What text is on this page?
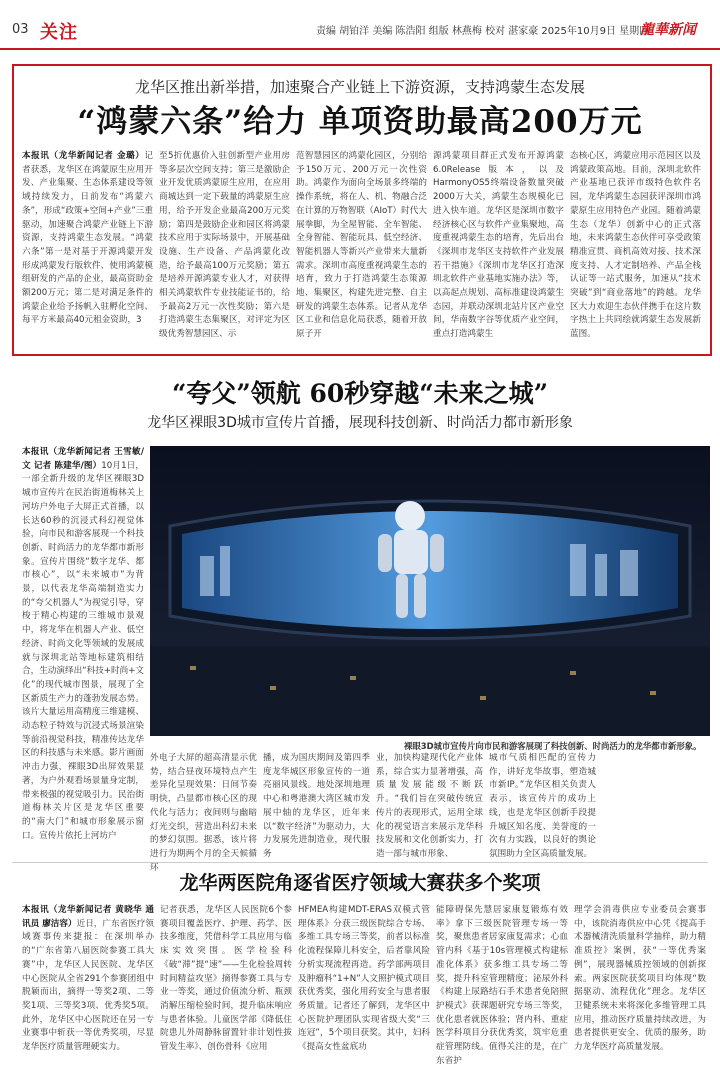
03 关注	责编 胡铂洋 美编 陈浩阳 组版 林燕梅 校对 湛家豪 2025年10月9日 星期四
龍華新闻
龙华区推出新举措，加速聚合产业链上下游资源，支持鸿蒙生态发展
“鸿蒙六条”给力 单项资助最高200万元
本报讯（龙华新闻记者 金璐）记者获悉，龙华区在鸿蒙原生应用开发、产业集聚、生态体系建设等领域持续发力，日前发布“鸿蒙六条”，形成“政策+空间+产业”三重驱动，加速聚合鸿蒙产业链上下游资源，支持鸿蒙生态发展。“鸿蒙六条”第一是对基于开源鸿蒙开发形成鸿蒙发行版软件、使用鸿蒙模组研发的产品的企业，最高资助金额200万元；第二是对满足条件的鸿蒙企业给予扬帆入驻孵化空间、每平方米最高40元租金资助，3
至5折优惠价入驻创新型产业用房等多层次空间支持；第三是激励企业开发优质鸿蒙原生应用，在应用商城达到一定下载量的鸿蒙原生应用，给予开发企业最高200万元奖励；第四是鼓励企业和园区将鸿蒙技术应用于实际场景中，开展基础设施、生产设备、产品鸿蒙化改造，给予最高100万元奖励；第五是培养开源鸿蒙专业人才，对获得相关鸿蒙软件专业技能证书的，给予最高2万元一次性奖励；第六是打造鸿蒙生态集聚区，对评定为区级优秀智慧园区、示
范智慧园区的鸿蒙化园区，分别给予150万元、200万元一次性资助。鸿蒙作为面向全场景多终端的操作系统，将在人、机、物融合泛在计算的万物智联（AIoT）时代大展拳脚，为全屋智能、全车智能、全身智能、智能玩具、低空经济、智能机器人等新兴产业带来大量新需求。深圳市高度重视鸿蒙生态的培育，致力于打造鸿蒙生态策源地、集聚区，构建先进完整、自主研发的鸿蒙生态体系。记者从龙华区工业和信息化局获悉，随着开放原子开
源鸿蒙项目群正式发布开源鸿蒙6.0Release版本，以及HarmonyOS5终端设备数量突破2000万大关，鸿蒙生态规模化已进入快车道。龙华区是深圳市数字经济核心区与软件产业集聚地，高度重视鸿蒙生态的培育，先后出台《深圳市龙华区支持软件产业发展若干措施》《深圳市龙华区打造深圳北软件产业基地实施办法》等，以高起点规划、高标准建设鸿蒙生态园，并联动深圳北站片区产业空间，华南数字谷等优质产业空间，重点打造鸿蒙生
态核心区，鸿蒙应用示范园区以及鸿蒙政策高地。目前，深圳北软件产业基地已获评市级特色软件名园，龙华鸿蒙生态园获评深圳市鸿蒙原生应用特色产业园。随着鸿蒙生态（龙华）创新中心的正式落地，未来鸿蒙生态伙伴可享受政策精准宣贯、商机高效对接、技术深度支持、人才定制培养、产品全栈认证等一站式服务，加速从“技术突破”到“商业落地”的跨越。龙华区大力欢迎生态伙伴携手在这片数字热土上共同绘就鸿蒙生态发展新蓝图。
“夸父”领航 60秒穿越“未来之城”
龙华区裸眼3D城市宣传片首播，展现科技创新、时尚活力都市新形象
本报讯（龙华新闻记者 王雪敏/文 记者 陈建华/图）10月1日，一部全新升级的龙华区裸眼3D城市宣传片在民治街道梅林关上河坊户外电子大屏正式首播，以长达60秒的沉浸式科幻视觉体验，向市民和游客展现一个科技创新、时尚活力的龙华都市新形象。宣传片围绕“数字龙华、都市核心”，以“未来城市”为背景，以代表龙华高端制造实力的“夸父机器人”为视觉引导，穿梭于精心构建的三维城市景观中，将龙华在机器人产业、低空经济、时尚文化等领域的发展成就与深圳北站等地标建筑相结合，生动演绎出“科技+时尚+文化”的现代城市图景，展现了全区新质生产力的蓬勃发展态势。该片大量运用高精度三维建模、动态粒子特效与沉浸式场景渲染等前沿视觉科技，精准传达龙华区的科技感与未来感。影片画面冲击力强，裸眼3D出屏效果显著，为户外观看场景量身定制，带来极强的视觉吸引力。民治街道梅林关片区是龙华区重要的“南大门”和城市形象展示窗口。宣传片依托上河坊户
裸眼3D城市宣传片向市民和游客展现了科技创新、时尚活力的龙华都市新形象。
外电子大屏的超高清显示优势，结合昼夜环境特点产生差异化呈现效果：日间节奏明快，凸显都市核心区的现代化与活力；夜间则与幽暗灯光交织，营造出科幻未来的梦幻氛围。据悉，该片将进行为期两个月的全天候循环
播，成为国庆期间及第四季度龙华城区形象宣传的一道亮丽风景线。地处深圳地理中心和粤港澳大湾区城市发展中轴的龙华区，近年来以“数字经济”为驱动力，大力发展先进制造业，现代服务
业，加快构建现代化产业体系，综合实力显著增强，高质量发展能级不断跃升。“我们旨在突破传统宣传片的表现形式，运用全球化的视觉语言来展示龙华科技发展和文化创新实力，打造一部与城市形象、
城市气质相匹配的宣传力作，讲好龙华故事，塑造城市新IP。”龙华区相关负责人表示，该宣传片的成功上线，也是龙华区创新手段提升城区知名度、美誉度的一次有力实践，以良好的舆论氛围助力全区高质量发展。
龙华两医院角逐省医疗领域大赛获多个奖项
本报讯（龙华新闻记者 黄晓华 通讯员 廖洁容）近日，广东省医疗领域赛事传来捷报：在深圳举办的“广东省第八届医院参赛工具大赛”中，龙华区人民医院、龙华区中心医院从全省291个参赛团组中脱颖而出，摘得一等奖2项、二等奖1项、三等奖3项、优秀奖5项。此外，龙华区中心医院还在另一专业赛事中斩获一等优秀奖项，尽显龙华医疗质量管理硬实力。
记者获悉，龙华区人民医院6个参赛项目覆盖医疗、护理、药学、医技多维度，凭借科学工具应用与临床实效突围。医学检验科《破“滞”提“速”——生化检验周转时间精益攻坚》摘得参赛工具与专业一等奖，通过价值流分析、瓶颈消解压缩检验时间，提升临床响应与患者体验。儿童医学部《降低住院患儿外周静脉留置针非计划性拔管发生率》、创伤骨科《应用
HFMEA构建MDT-ERAS双模式管理体系》分获三级医院综合专场、多维工具专场三等奖，前者以标准化流程保障儿科安全，后者靠风险分析实现流程再造。药学部两项目及肿瘤科“1+N”人文照护模式项目获优秀奖，强化用药安全与患者服务质量。记者还了解到，龙华区中心医院护理团队实现省级大奖“三连冠”，5个项目获奖。其中，妇科《提高女性盆底功
能障碍保先慧居家康复锻炼有效率》拿下三级医院管理专场一等奖，聚焦患者居家康复需求；心血管内科《基于10s管理模式构建标准化体系》获多维工具专场二等奖，提升科室管理精度；泌尿外科《构建上尿路结石手术患者免陪照护模式》获课题研究专场三等奖，优化患者就医体验；肾内科、重症医学科项目分获优秀奖，筑牢危重症管理防线。值得关注的是，在广东省护
理学会消毒供应专业委员会赛事中，该院消毒供应中心凭《提高手术器械清洗质量科学抽样，助力精准质控》案例，获“一等优秀案例”，展现器械质控领域的创新探索。两家医院获奖项目均体现“数据驱动、流程优化”理念。龙华区卫健系统未来将深化多维管理工具应用，推动医疗质量持续改进，为患者提供更安全、优质的服务，助力龙华医疗高质量发展。
